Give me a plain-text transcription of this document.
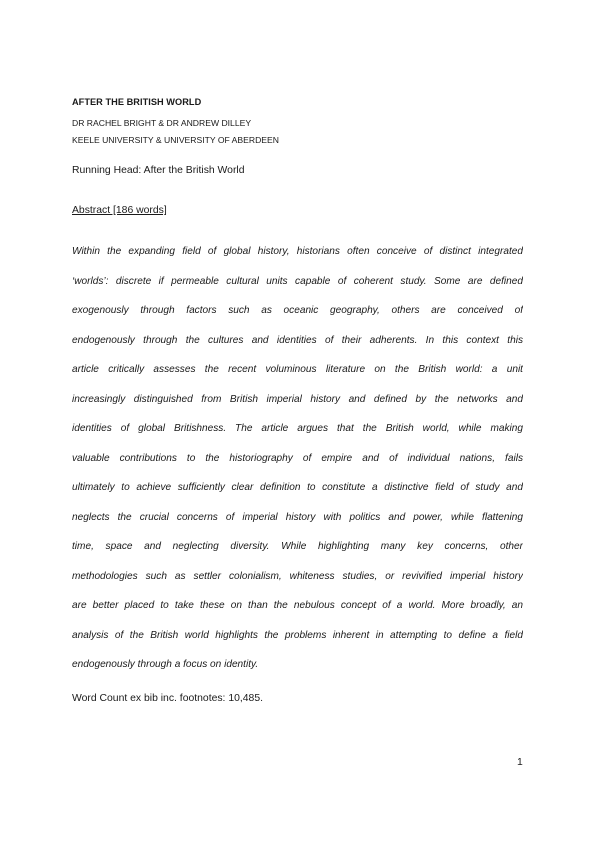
AFTER THE BRITISH WORLD
DR RACHEL BRIGHT & DR ANDREW DILLEY
KEELE UNIVERSITY & UNIVERSITY OF ABERDEEN
Running Head: After the British World
Abstract [186 words]
Within the expanding field of global history, historians often conceive of distinct integrated
‘worlds’: discrete if permeable cultural units capable of coherent study. Some are defined
exogenously through factors such as oceanic geography, others are conceived of
endogenously through the cultures and identities of their adherents. In this context this
article critically assesses the recent voluminous literature on the British world: a unit
increasingly distinguished from British imperial history and defined by the networks and
identities of global Britishness. The article argues that the British world, while making
valuable contributions to the historiography of empire and of individual nations, fails
ultimately to achieve sufficiently clear definition to constitute a distinctive field of study and
neglects the crucial concerns of imperial history with politics and power, while flattening
time, space and neglecting diversity. While highlighting many key concerns, other
methodologies such as settler colonialism, whiteness studies, or revivified imperial history
are better placed to take these on than the nebulous concept of a world. More broadly, an
analysis of the British world highlights the problems inherent in attempting to define a field
endogenously through a focus on identity.
Word Count ex bib inc. footnotes: 10,485.
1
